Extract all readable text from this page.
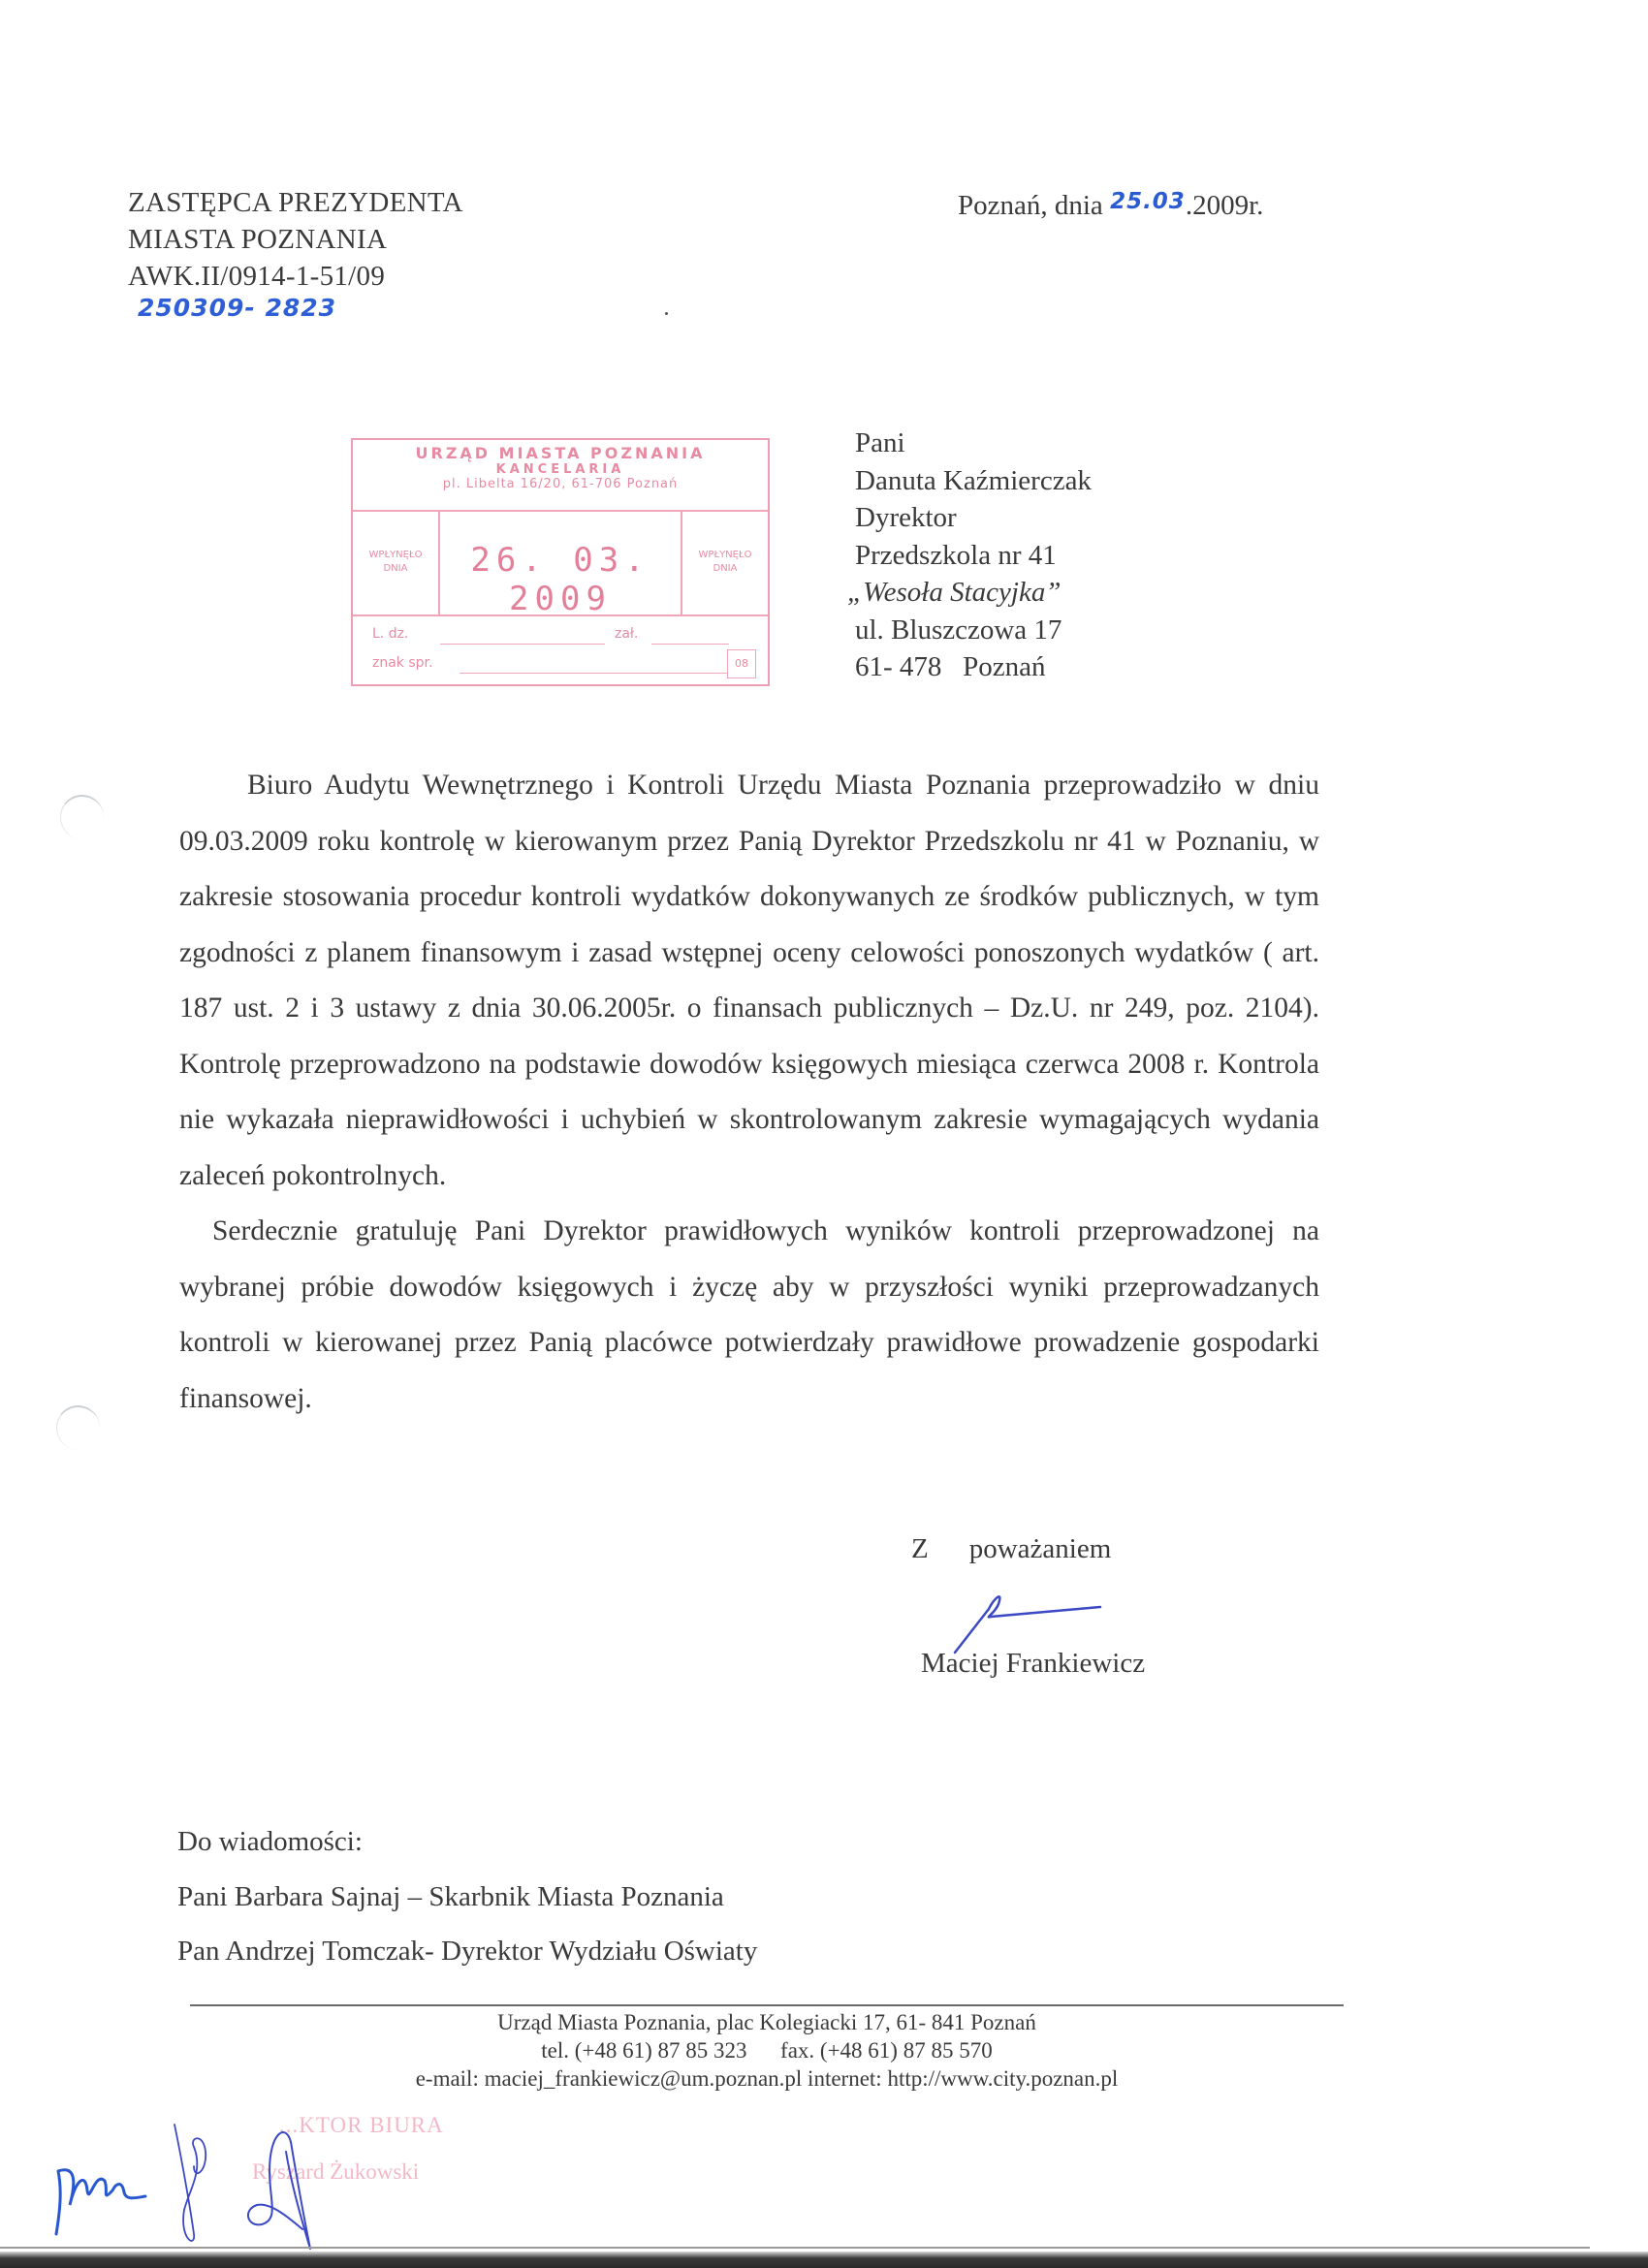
ZASTĘPCA PREZYDENTA
MIASTA POZNANIA
AWK.II/0914-1-51/09
250309- 2823
Poznań, dnia $^{25.03}$.2009r.
URZĄD MIASTA POZNANIA
KANCELARIA
pl. Libelta 16/20, 61-706 Poznań
WPŁYNĘŁO
DNIA	26. 03. 2009
WPŁYNĘŁO
DNIA
L. dz.	zał.
znak spr.	08
Pani
Danuta Kaźmierczak
Dyrektor
Przedszkola nr 41
„Wesoła Stacyjka”
ul. Bluszczowa 17
61- 478   Poznań

Biuro Audytu Wewnętrznego i Kontroli Urzędu Miasta Poznania przeprowadziło w dniu 09.03.2009 roku kontrolę w kierowanym przez Panią Dyrektor Przedszkolu nr 41 w Poznaniu, w zakresie stosowania procedur kontroli wydatków dokonywanych ze środków publicznych, w tym zgodności z planem finansowym i zasad wstępnej oceny celowości ponoszonych wydatków ( art. 187 ust. 2 i 3 ustawy z dnia 30.06.2005r. o finansach publicznych – Dz.U. nr 249, poz. 2104). Kontrolę przeprowadzono na podstawie dowodów księgowych miesiąca czerwca 2008 r. Kontrola nie wykazała nieprawidłowości i uchybień w skontrolowanym zakresie wymagających wydania zaleceń pokontrolnych.

Serdecznie gratuluję Pani Dyrektor prawidłowych wyników kontroli przeprowadzonej na wybranej próbie dowodów księgowych i życzę aby w przyszłości wyniki przeprowadzanych kontroli w kierowanej przez Panią placówce potwierdzały prawidłowe prowadzenie gospodarki finansowej.

Z poważaniem
Maciej Frankiewicz
Do wiadomości:
Pani Barbara Sajnaj – Skarbnik Miasta Poznania
Pan Andrzej Tomczak- Dyrektor Wydziału Oświaty
Urząd Miasta Poznania, plac Kolegiacki 17, 61- 841 Poznań
tel. (+48 61) 87 85 323      fax. (+48 61) 87 85 570
e-mail: maciej_frankiewicz@um.poznan.pl internet: http://www.city.poznan.pl
...KTOR BIURA
Ryszard Żukowski
